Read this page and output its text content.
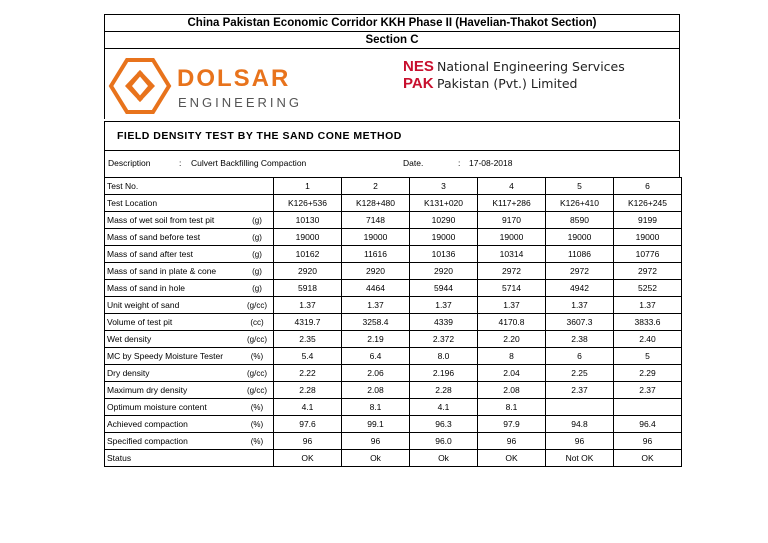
China Pakistan Economic Corridor KKH Phase II (Havelian-Thakot Section)
Section C
DOLSAR
ENGINEERING
NES
PAK
National Engineering Services
Pakistan (Pvt.) Limited
FIELD DENSITY TEST BY THE SAND CONE METHOD
Description	: Culvert Backfilling Compaction	Date.	: 17-08-2018
Test No.		1	2	3	4	5	6
Test Location		K126+536	K128+480	K131+020	K117+286	K126+410	K126+245
Mass of wet soil from test pit	(g)	10130	7148	10290	9170	8590	9199
Mass of sand before test	(g)	19000	19000	19000	19000	19000	19000
Mass of sand after test	(g)	10162	11616	10136	10314	11086	10776
Mass of sand in plate & cone	(g)	2920	2920	2920	2972	2972	2972
Mass of sand in hole	(g)	5918	4464	5944	5714	4942	5252
Unit weight of sand	(g/cc)	1.37	1.37	1.37	1.37	1.37	1.37
Volume of test pit	(cc)	4319.7	3258.4	4339	4170.8	3607.3	3833.6
Wet density	(g/cc)	2.35	2.19	2.372	2.20	2.38	2.40
MC by Speedy Moisture Tester	(%)	5.4	6.4	8.0	8	6	5
Dry density	(g/cc)	2.22	2.06	2.196	2.04	2.25	2.29
Maximum dry density	(g/cc)	2.28	2.08	2.28	2.08	2.37	2.37
Optimum moisture content	(%)	4.1	8.1	4.1	8.1		
Achieved compaction	(%)	97.6	99.1	96.3	97.9	94.8	96.4
Specified compaction	(%)	96	96	96.0	96	96	96
Status		OK	Ok	Ok	OK	Not OK	OK
